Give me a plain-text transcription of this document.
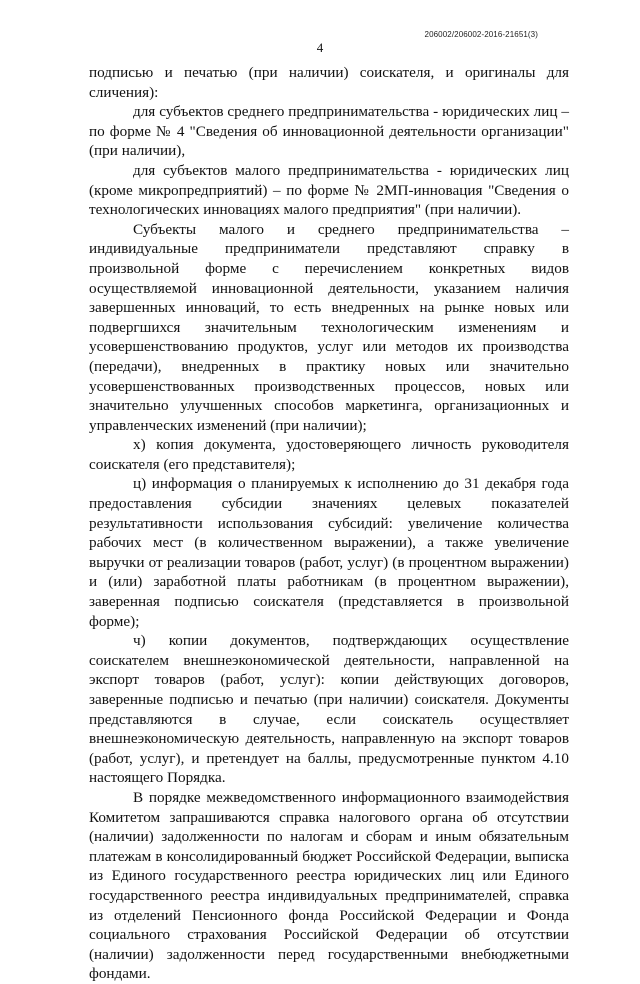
206002/206002-2016-21651(3)
4

подписью и печатью (при наличии) соискателя, и оригиналы для сличения):

для субъектов среднего предпринимательства - юридических лиц – по форме № 4 "Сведения об инновационной деятельности организации" (при наличии),

для субъектов малого предпринимательства - юридических лиц (кроме микропредприятий) – по форме № 2МП-инновация "Сведения о технологических инновациях малого предприятия" (при наличии).

Субъекты малого и среднего предпринимательства – индивидуальные предприниматели представляют справку в произвольной форме с перечислением конкретных видов осуществляемой инновационной деятельности, указанием наличия завершенных инноваций, то есть внедренных на рынке новых или подвергшихся значительным технологическим изменениям и усовершенствованию продуктов, услуг или методов их производства (передачи), внедренных в практику новых или значительно усовершенствованных производственных процессов, новых или значительно улучшенных способов маркетинга, организационных и управленческих изменений (при наличии);

х) копия документа, удостоверяющего личность руководителя соискателя (его представителя);

ц) информация о планируемых к исполнению до 31 декабря года предоставления субсидии значениях целевых показателей результативности использования субсидий: увеличение количества рабочих мест (в количественном выражении), а также увеличение выручки от реализации товаров (работ, услуг) (в процентном выражении) и (или) заработной платы работникам (в процентном выражении), заверенная подписью соискателя (представляется в произвольной форме);

ч) копии документов, подтверждающих осуществление соискателем внешнеэкономической деятельности, направленной на экспорт товаров (работ, услуг): копии действующих договоров, заверенные подписью и печатью (при наличии) соискателя. Документы представляются в случае, если соискатель осуществляет внешнеэкономическую деятельность, направленную на экспорт товаров (работ, услуг), и претендует на баллы, предусмотренные пунктом 4.10 настоящего Порядка.

В порядке межведомственного информационного взаимодействия Комитетом запрашиваются справка налогового органа об отсутствии (наличии) задолженности по налогам и сборам и иным обязательным платежам в консолидированный бюджет Российской Федерации, выписка из Единого государственного реестра юридических лиц или Единого государственного реестра индивидуальных предпринимателей, справка из отделений Пенсионного фонда Российской Федерации и Фонда социального страхования Российской Федерации об отсутствии (наличии) задолженности перед государственными внебюджетными фондами.
